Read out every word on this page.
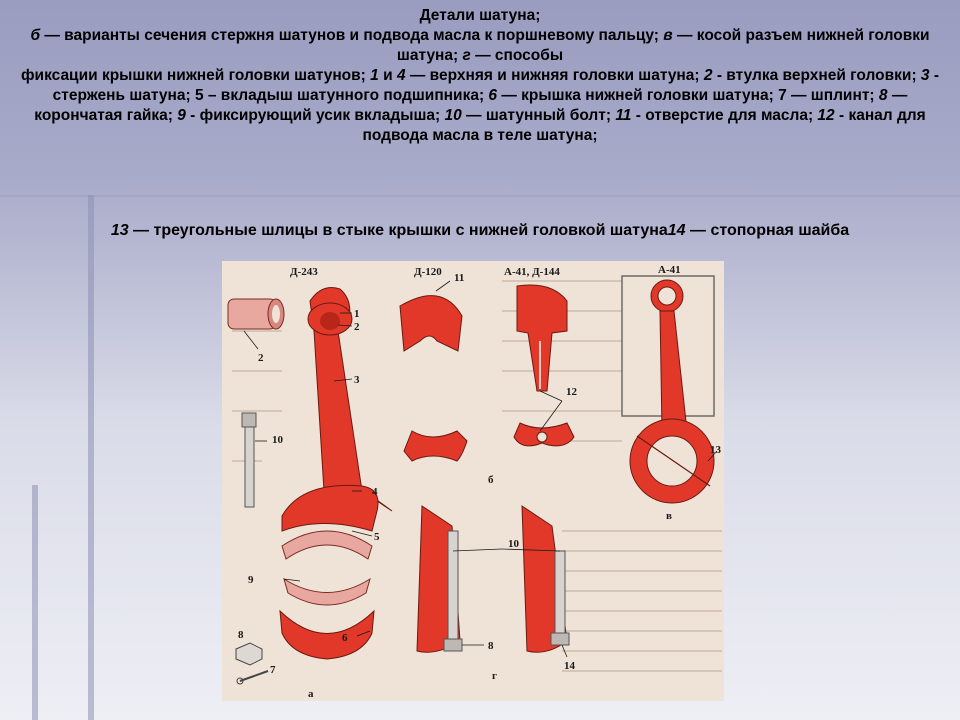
Детали шатуна;
б — варианты сечения стержня шатунов и подвода масла к поршневому пальцу; в — косой разъем нижней головки шатуна; г — способы
фиксации крышки нижней головки шатунов; 1 и 4 — верхняя и нижняя головки шатуна; 2 - втулка верхней головки; 3 - стержень шатуна; 5 – вкладыш шатунного подшипника; 6 — крышка нижней головки шатуна; 7 — шплинт; 8 — корончатая гайка; 9 - фиксирующий усик вкладыша; 10 — шатунный болт; 11 - отверстие для масла; 12 - канал для подвода масла в теле шатуна;
13 — треугольные шлицы в стыке крышки с нижней головкой шатуна14 — стопорная шайба
Д-243	Д-120	А-41, Д-144	А-41
1
2
3
4
5
6
7
8
9
10
2
11
12
13
10
8
14
а
б
в
г
